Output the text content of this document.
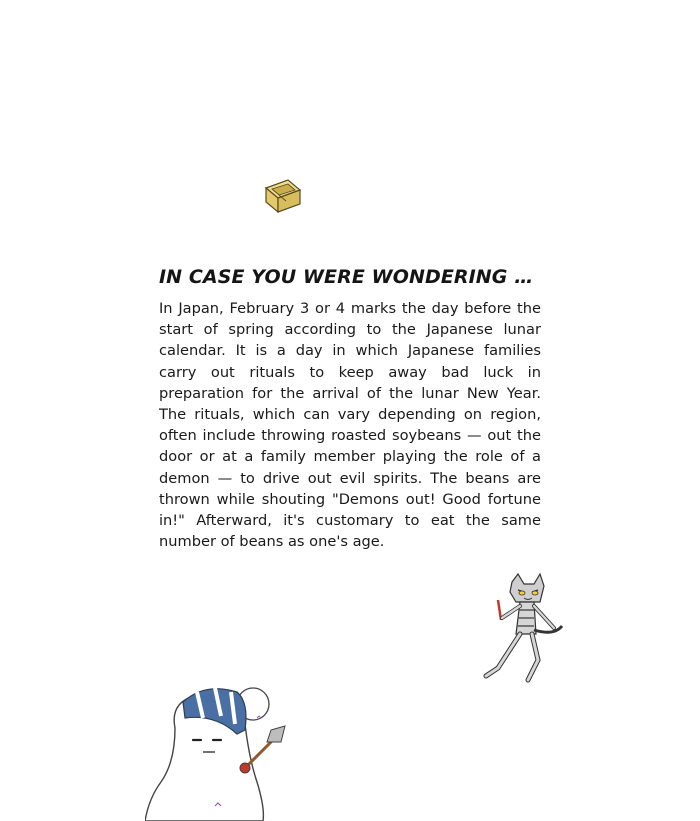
IN CASE YOU WERE WONDERING …

In Japan, February 3 or 4 marks the day before the start of spring according to the Japanese lunar calendar. It is a day in which Japanese families carry out rituals to keep away bad luck in preparation for the arrival of the lunar New Year. The rituals, which can vary depending on region, often include throwing roasted soybeans — out the door or at a family member playing the role of a demon — to drive out evil spirits. The beans are thrown while shouting "Demons out! Good fortune in!" Afterward, it's customary to eat the same number of beans as one's age.
